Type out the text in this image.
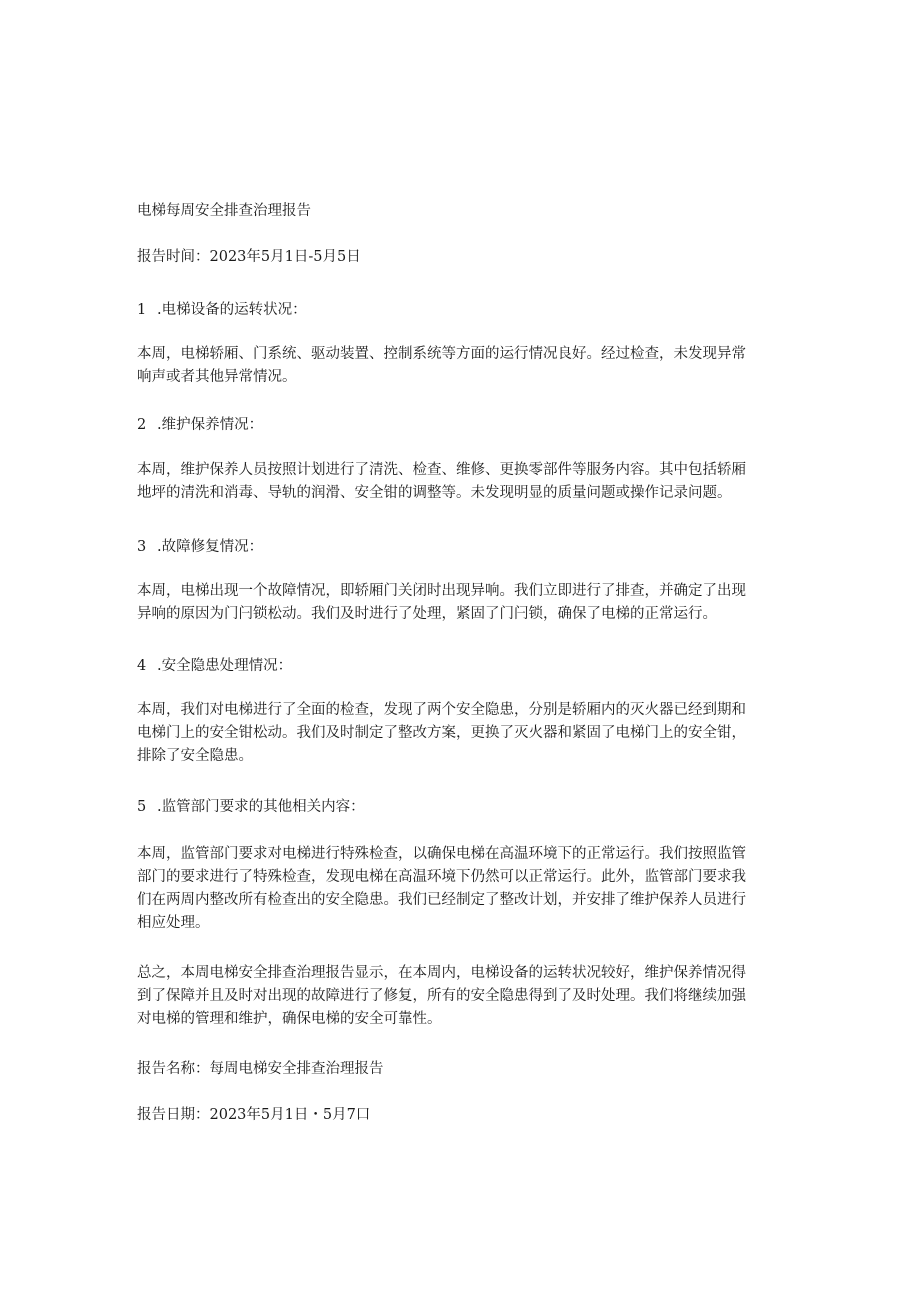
电梯每周安全排查治理报告

报告时间：2023年5月1日-5月5日

1 .电梯设备的运转状况：

本周，电梯轿厢、门系统、驱动装置、控制系统等方面的运行情况良好。经过检查，未发现异常
响声或者其他异常情况。

2 .维护保养情况：

本周，维护保养人员按照计划进行了清洗、检查、维修、更换零部件等服务内容。其中包括轿厢
地坪的清洗和消毒、导轨的润滑、安全钳的调整等。未发现明显的质量问题或操作记录问题。

3 .故障修复情况：

本周，电梯出现一个故障情况，即轿厢门关闭时出现异响。我们立即进行了排查，并确定了出现
异响的原因为门闩锁松动。我们及时进行了处理，紧固了门闩锁，确保了电梯的正常运行。

4 .安全隐患处理情况：

本周，我们对电梯进行了全面的检查，发现了两个安全隐患，分别是轿厢内的灭火器已经到期和
电梯门上的安全钳松动。我们及时制定了整改方案，更换了灭火器和紧固了电梯门上的安全钳，
排除了安全隐患。

5 .监管部门要求的其他相关内容：

本周，监管部门要求对电梯进行特殊检查，以确保电梯在高温环境下的正常运行。我们按照监管
部门的要求进行了特殊检查，发现电梯在高温环境下仍然可以正常运行。此外，监管部门要求我
们在两周内整改所有检查出的安全隐患。我们已经制定了整改计划，并安排了维护保养人员进行
相应处理。

总之，本周电梯安全排查治理报告显示，在本周内，电梯设备的运转状况较好，维护保养情况得
到了保障并且及时对出现的故障进行了修复，所有的安全隐患得到了及时处理。我们将继续加强
对电梯的管理和维护，确保电梯的安全可靠性。

报告名称：每周电梯安全排查治理报告

报告日期：2023年5月1日・5月7口
